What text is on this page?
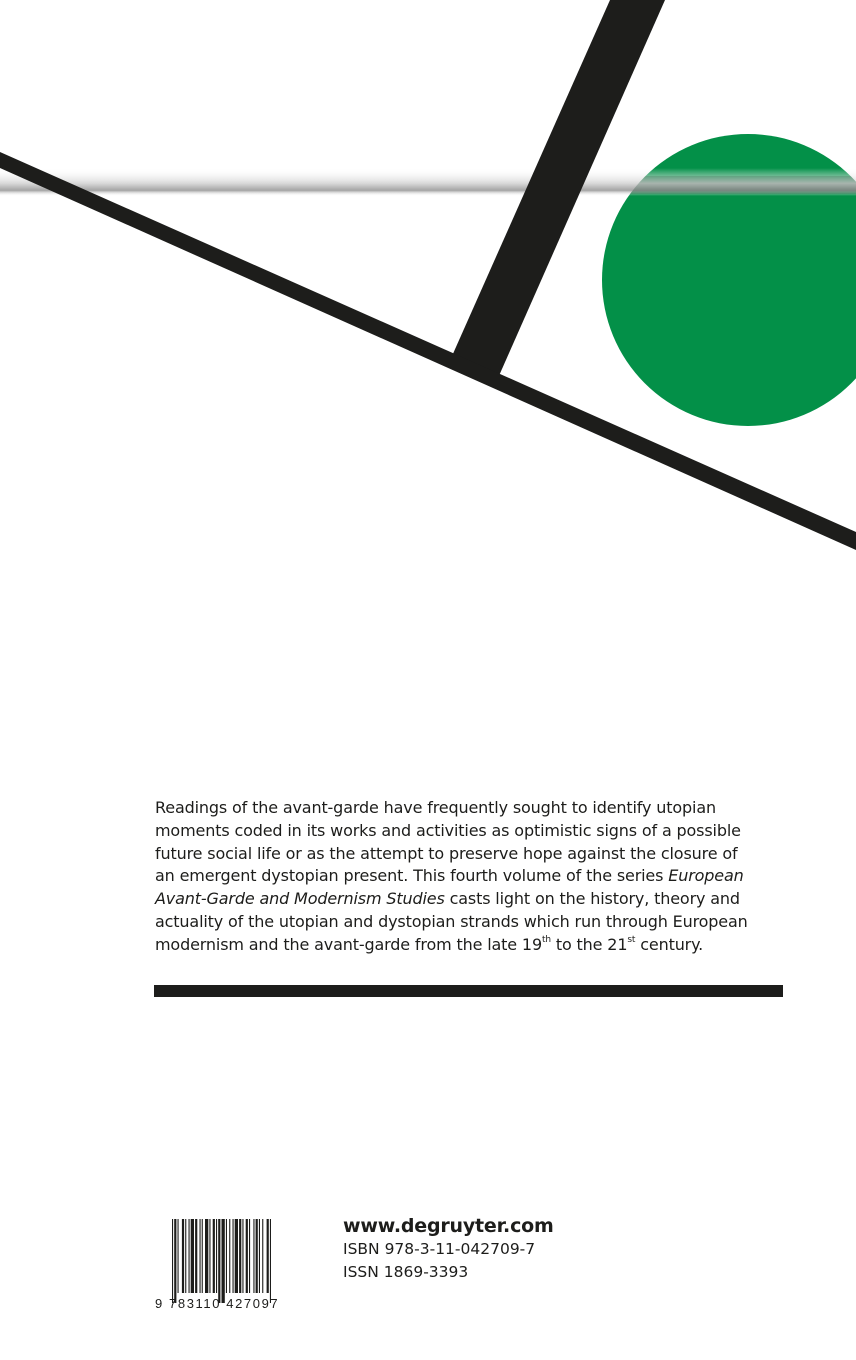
Readings of the avant-garde have frequently sought to identify utopian
moments coded in its works and activities as optimistic signs of a possible
future social life or as the attempt to preserve hope against the closure of
an emergent dystopian present. This fourth volume of the series European
Avant-Garde and Modernism Studies casts light on the history, theory and
actuality of the utopian and dystopian strands which run through European
modernism and the avant-garde from the late 19th to the 21st century.
9 783110 427097
www.degruyter.com
ISBN 978-3-11-042709-7
ISSN 1869-3393
